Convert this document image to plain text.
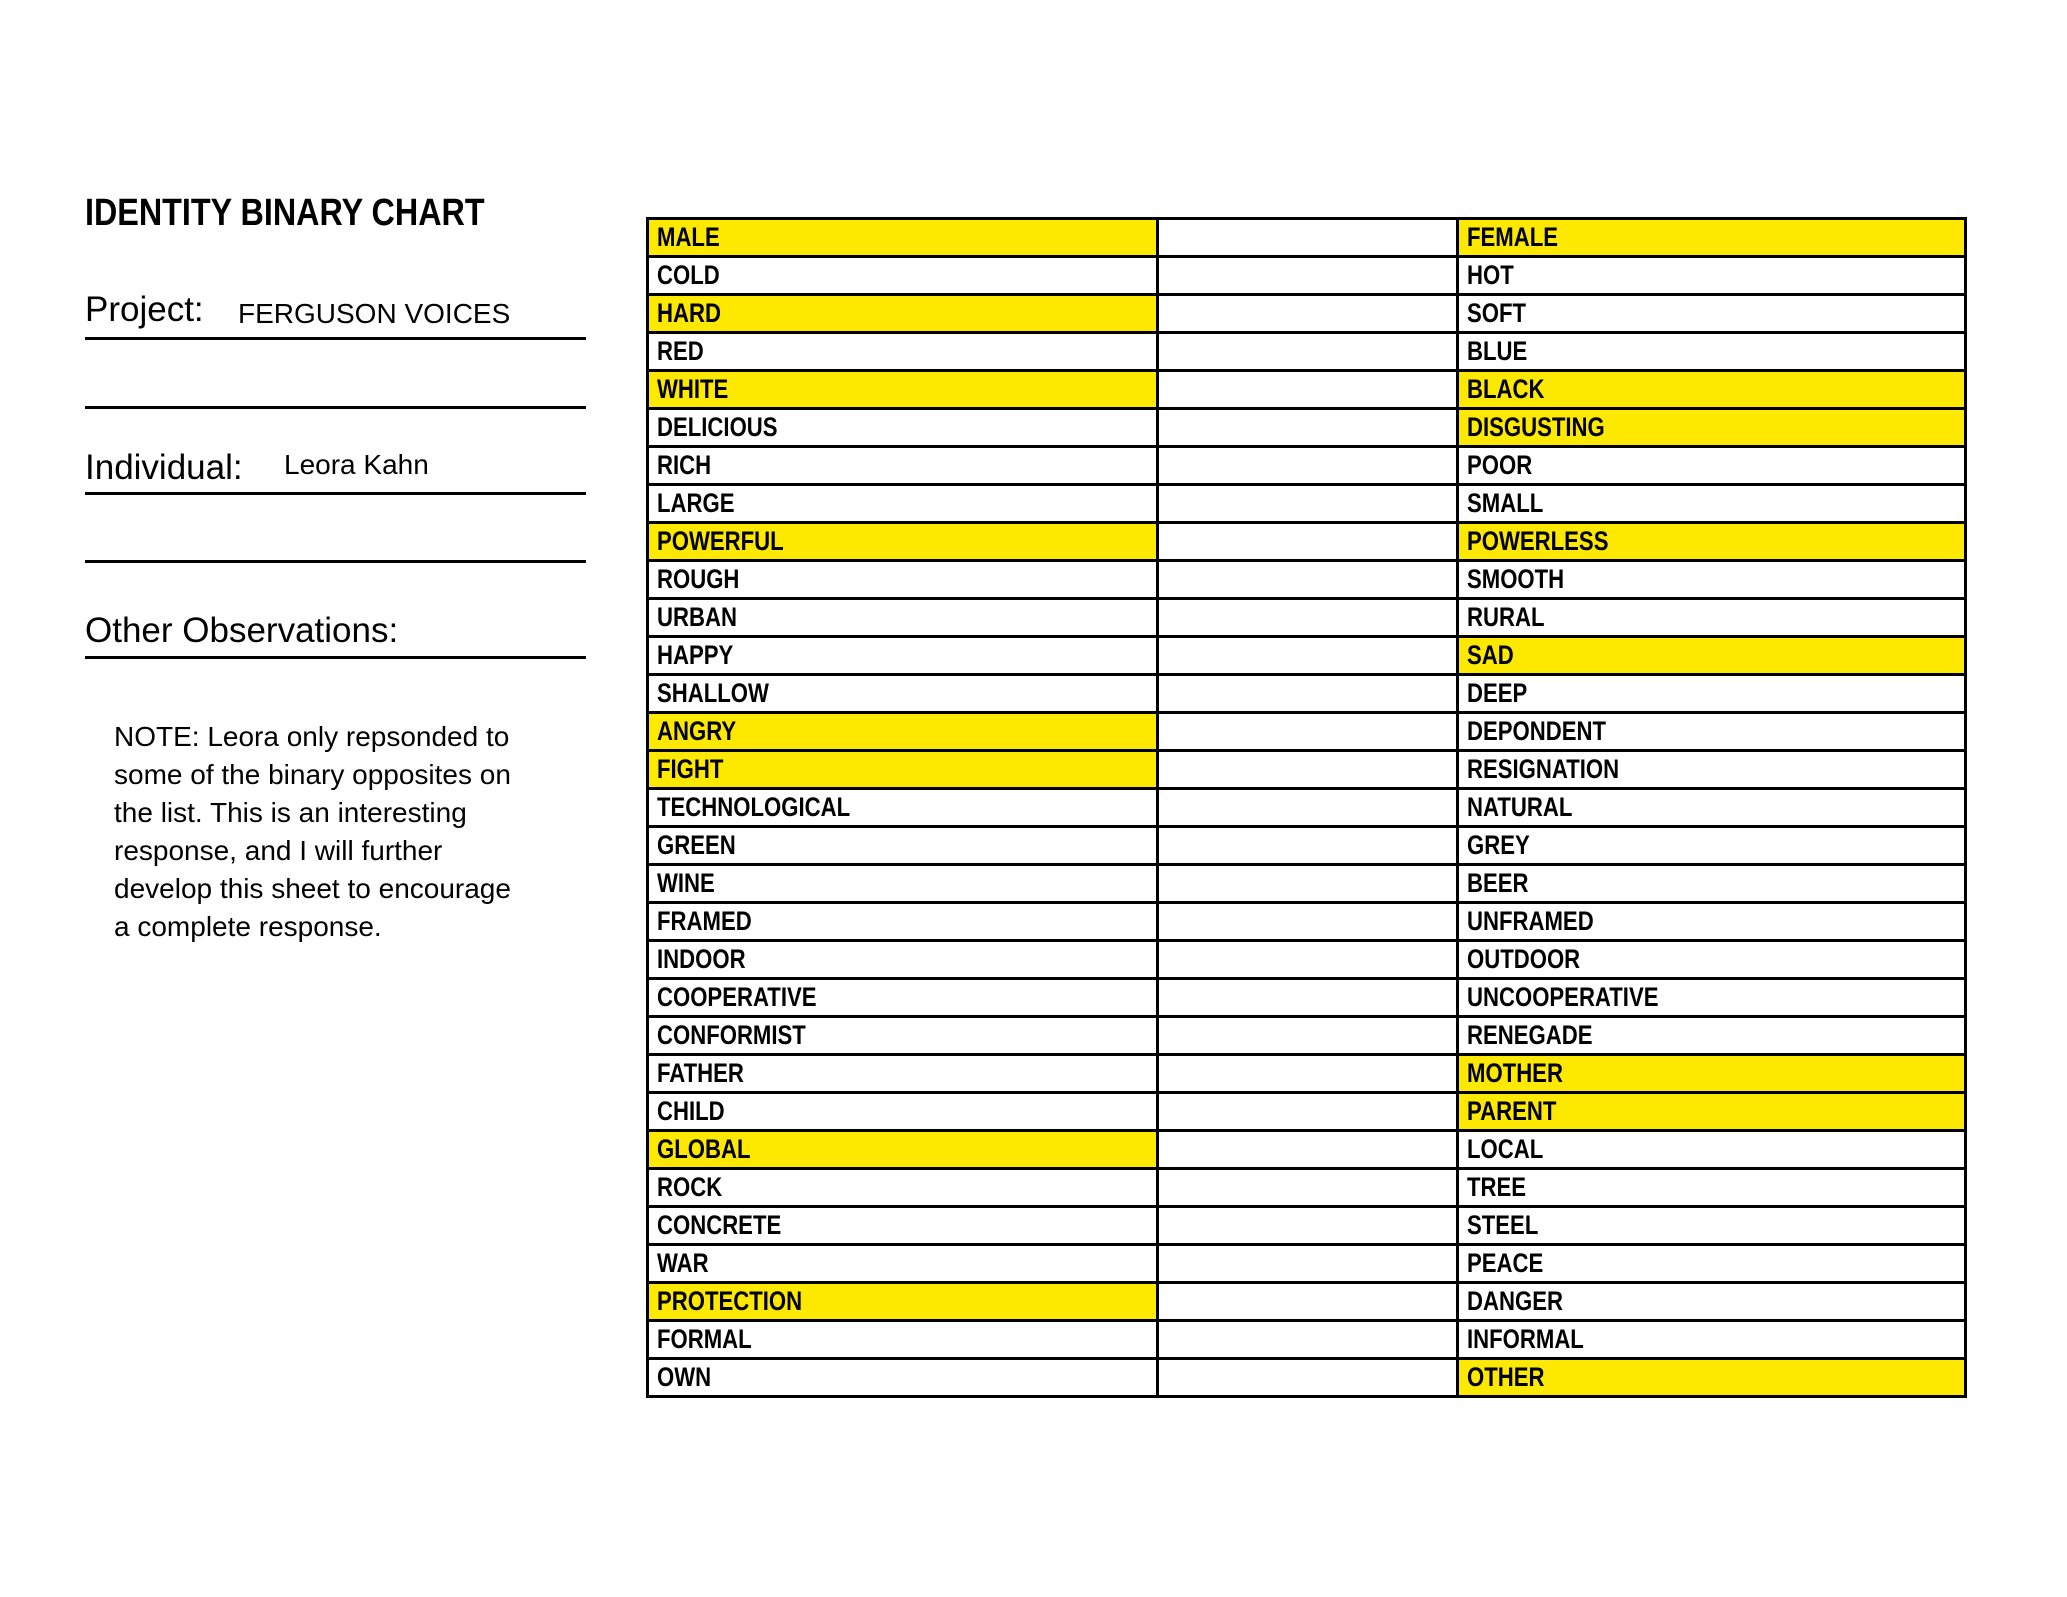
IDENTITY BINARY CHART
Project: FERGUSON VOICES
Individual: Leora Kahn
Other Observations:
NOTE: Leora only repsonded to some of the binary opposites on the list. This is an interesting response, and I will further develop this sheet to encourage a complete response.
MALE		FEMALE
COLD		HOT
HARD		SOFT
RED		BLUE
WHITE		BLACK
DELICIOUS		DISGUSTING
RICH		POOR
LARGE		SMALL
POWERFUL		POWERLESS
ROUGH		SMOOTH
URBAN		RURAL
HAPPY		SAD
SHALLOW		DEEP
ANGRY		DEPONDENT
FIGHT		RESIGNATION
TECHNOLOGICAL		NATURAL
GREEN		GREY
WINE		BEER
FRAMED		UNFRAMED
INDOOR		OUTDOOR
COOPERATIVE		UNCOOPERATIVE
CONFORMIST		RENEGADE
FATHER		MOTHER
CHILD		PARENT
GLOBAL		LOCAL
ROCK		TREE
CONCRETE		STEEL
WAR		PEACE
PROTECTION		DANGER
FORMAL		INFORMAL
OWN		OTHER
